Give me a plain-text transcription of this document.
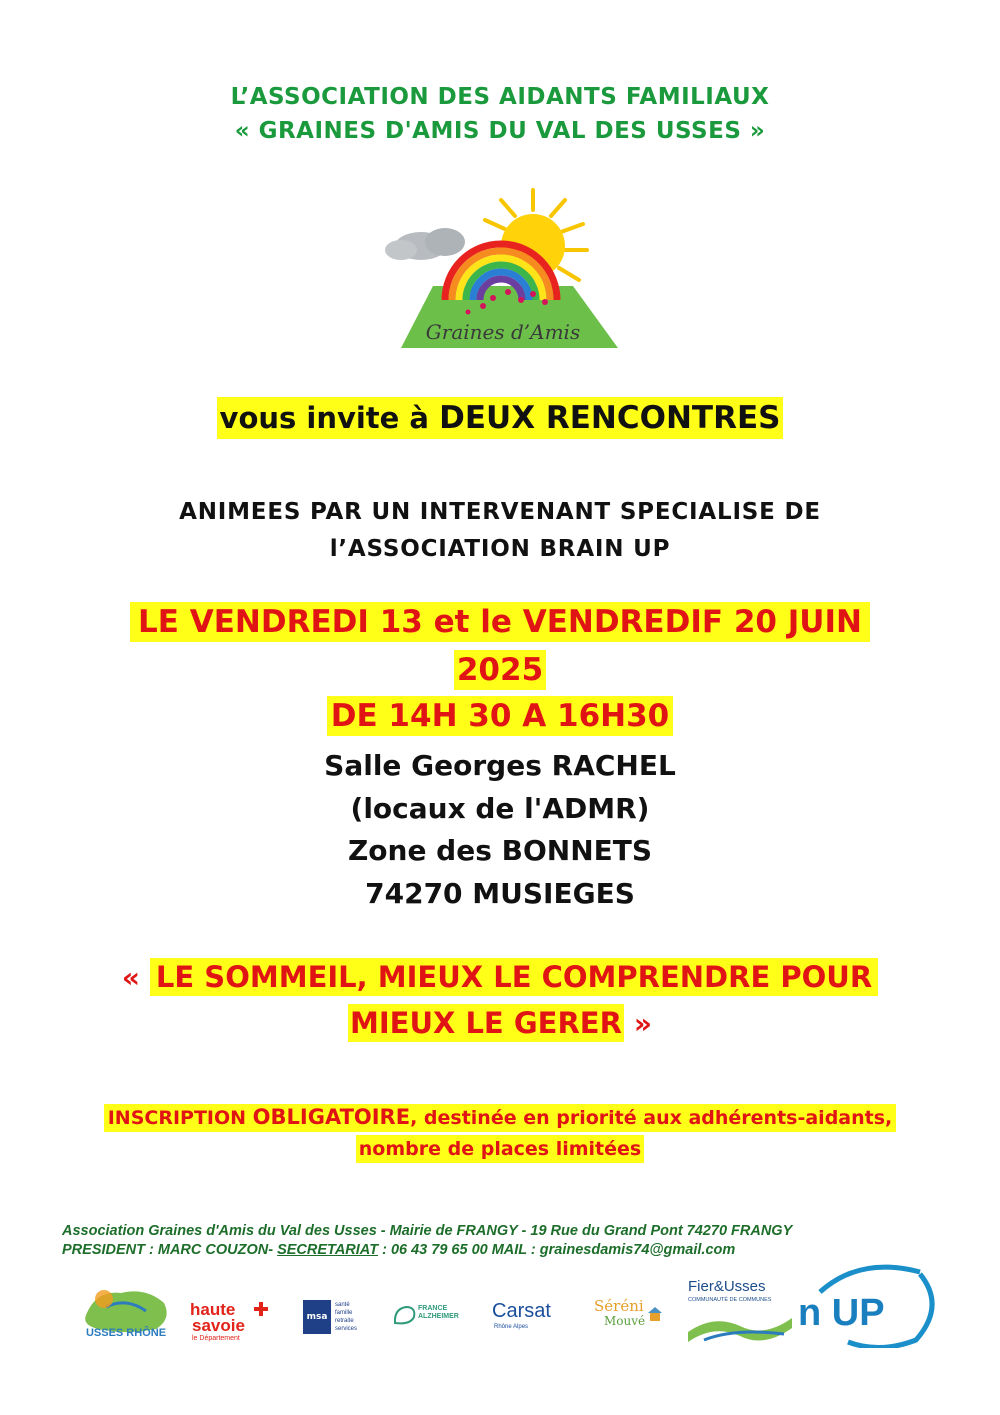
L’ASSOCIATION DES AIDANTS FAMILIAUX
« GRAINES D'AMIS DU VAL DES USSES »
Graines d’Amis
vous invite à DEUX RENCONTRES
ANIMEES PAR UN INTERVENANT SPECIALISE DE
l’ASSOCIATION BRAIN UP
LE VENDREDI 13 et le VENDREDIF 20 JUIN
2025
DE 14H 30 A 16H30
Salle Georges RACHEL
(locaux de l'ADMR)
Zone des BONNETS
74270 MUSIEGES
« LE SOMMEIL, MIEUX LE COMPRENDRE POUR
MIEUX LE GERER »
INSCRIPTION OBLIGATOIRE, destinée en priorité aux adhérents-aidants,
nombre de places limitées
Association Graines d'Amis du Val des Usses - Mairie de FRANGY - 19 Rue du Grand Pont 74270 FRANGY
PRESIDENT : MARC COUZON- SECRETARIAT : 06 43 79 65 00 MAIL : grainesdamis74@gmail.com
USSES RHÔNE
haute
savoie
le Département
msa
santé famille retraite services
FRANCE ALZHEIMER	Carsat
Rhône Alpes
Séréni
Mouvé
Fier&Usses
COMMUNAUTÉ DE COMMUNES n UP
